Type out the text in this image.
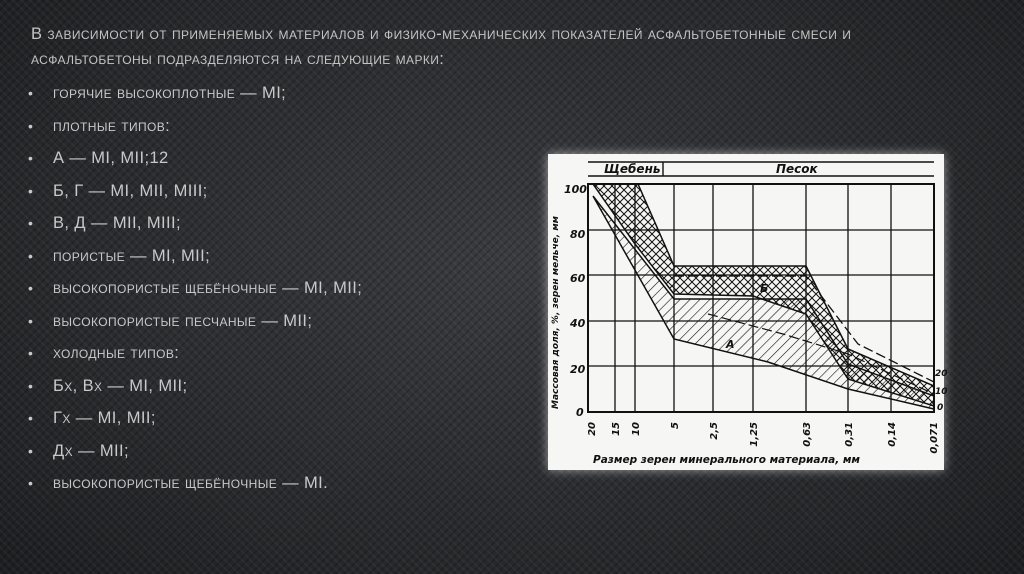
В зависимости от применяемых материалов и физико-механических показателей асфальтобетонные смеси и асфальтобетоны подразделяются на следующие марки:
• горячие высокоплотные — МI;
• плотные типов:
• А — МI, МII;12
• Б, Г — МI, МII, МIII;
• В, Д — МII, МIII;
• пористые — МI, МII;
• высокопористые щебёночные — МI, МII;
• высокопористые песчаные — МII;
• холодные типов:
• Бх, Вх — МI, МII;
• Гх — МI, МII;
• Дх — МII;
• высокопористые щебёночные — МI.
Щебень	Песок
Б
А
100
80
60
40
20
0
20
10
0
Массовая доля, %, зерен мельче, мм
20 15 10	5	2,5	1,25	0,63	0,31	0,14	0,071
Размер зерен минерального материала, мм
